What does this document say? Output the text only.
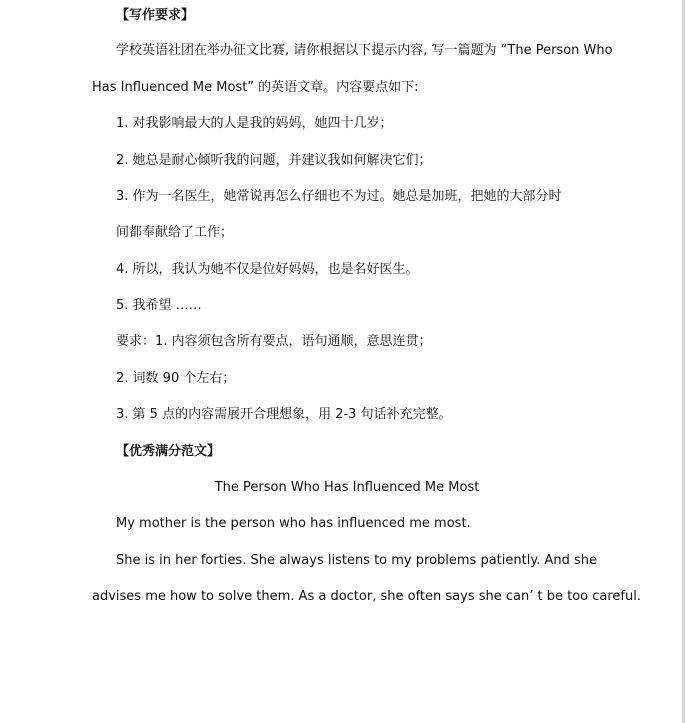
【写作要求】
学校英语社团在举办征文比赛, 请你根据以下提示内容, 写一篇题为 “The Person Who
Has Influenced Me Most” 的英语文章。内容要点如下:
1. 对我影响最大的人是我的妈妈，她四十几岁；
2. 她总是耐心倾听我的问题，并建议我如何解决它们；
3. 作为一名医生，她常说再怎么仔细也不为过。她总是加班，把她的大部分时
间都奉献给了工作；
4. 所以，我认为她不仅是位好妈妈，也是名好医生。
5. 我希望 ……
要求：1. 内容须包含所有要点，语句通顺，意思连贯；
2. 词数 90 个左右；
3. 第 5 点的内容需展开合理想象，用 2-3 句话补充完整。
【优秀满分范文】
The Person Who Has Influenced Me Most
My mother is the person who has influenced me most.
She is in her forties. She always listens to my problems patiently. And she
advises me how to solve them. As a doctor, she often says she can’ t be too careful.
